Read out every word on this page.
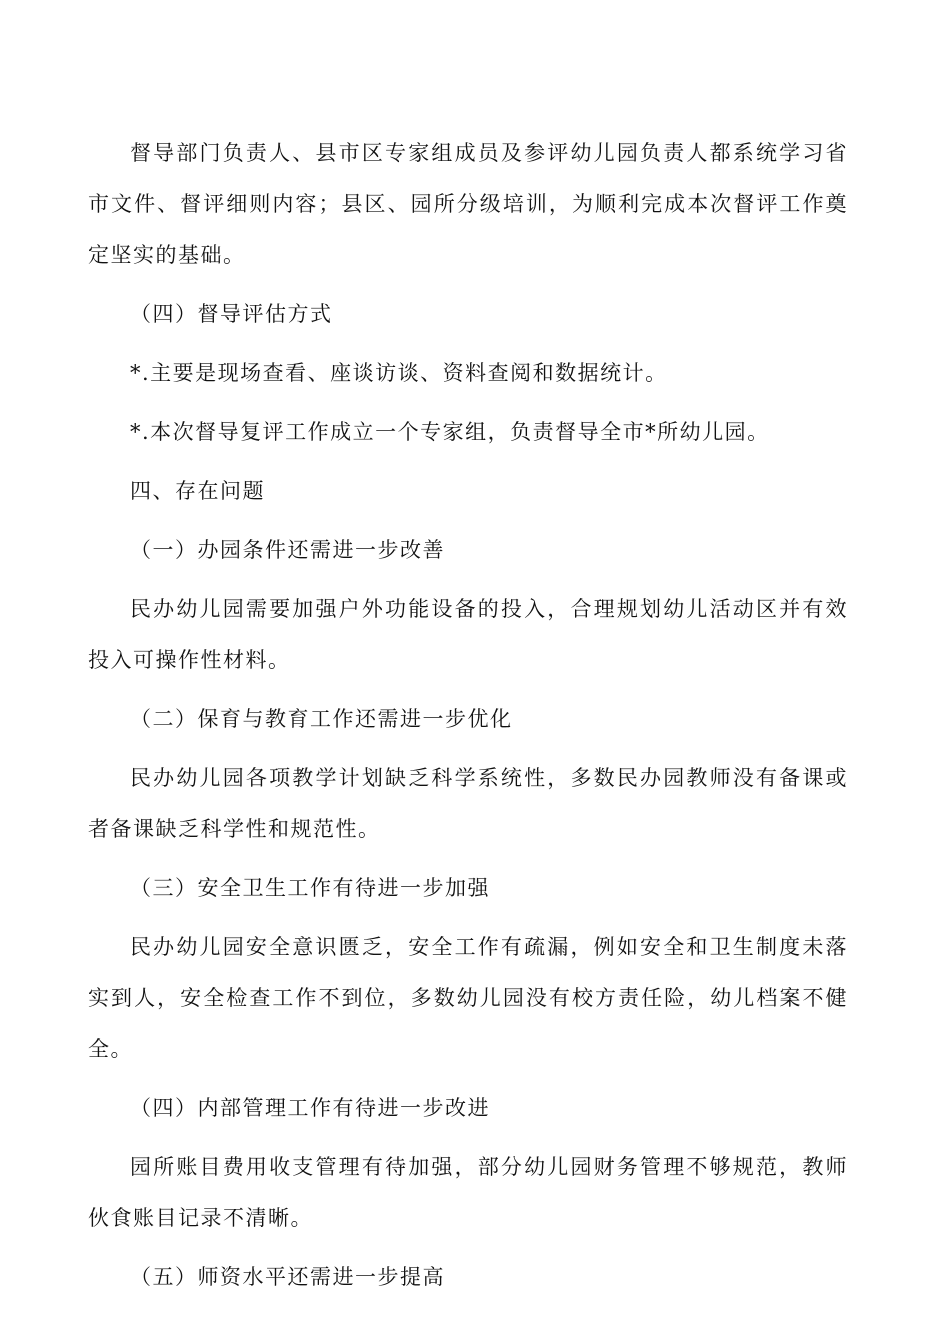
督导部门负责人、县市区专家组成员及参评幼儿园负责人都系统学习省市文件、督评细则内容；县区、园所分级培训，为顺利完成本次督评工作奠定坚实的基础。

（四）督导评估方式

*.主要是现场查看、座谈访谈、资料查阅和数据统计。

*.本次督导复评工作成立一个专家组，负责督导全市*所幼儿园。

四、存在问题

（一）办园条件还需进一步改善

民办幼儿园需要加强户外功能设备的投入，合理规划幼儿活动区并有效投入可操作性材料。

（二）保育与教育工作还需进一步优化

民办幼儿园各项教学计划缺乏科学系统性，多数民办园教师没有备课或者备课缺乏科学性和规范性。

（三）安全卫生工作有待进一步加强

民办幼儿园安全意识匮乏，安全工作有疏漏，例如安全和卫生制度未落实到人，安全检查工作不到位，多数幼儿园没有校方责任险，幼儿档案不健全。

（四）内部管理工作有待进一步改进

园所账目费用收支管理有待加强，部分幼儿园财务管理不够规范，教师伙食账目记录不清晰。

（五）师资水平还需进一步提高
